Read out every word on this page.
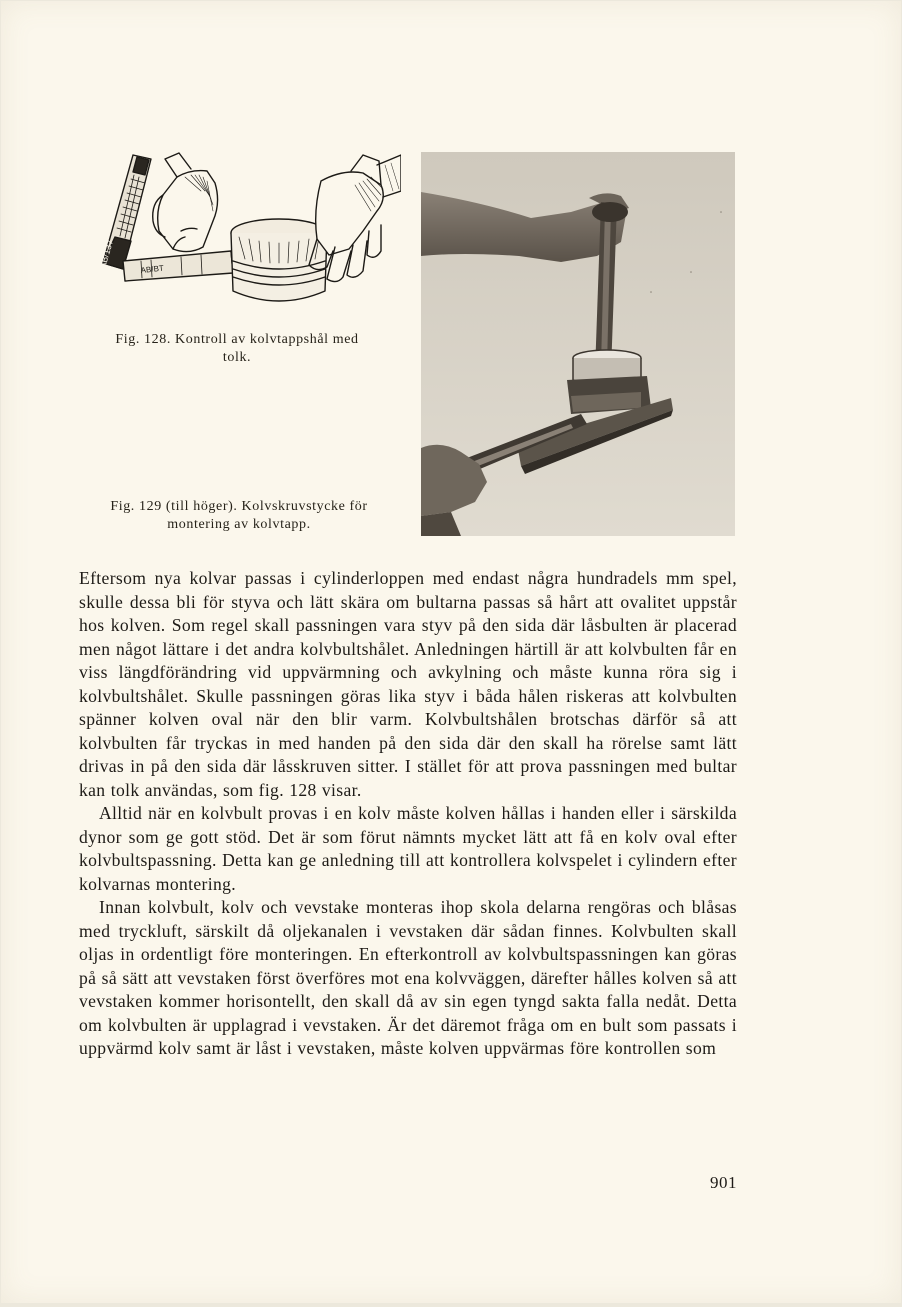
AB/137	AB/BT
Fig. 128. Kontroll av kolvtappshål med
tolk.
Fig. 129 (till höger). Kolvskruvstycke för
montering av kolvtapp.

Eftersom nya kolvar passas i cylinderloppen med endast några hundradels mm spel, skulle dessa bli för styva och lätt skära om bultarna passas så hårt att ovalitet uppstår hos kolven. Som regel skall passningen vara styv på den sida där låsbulten är placerad men något lättare i det andra kolvbultshålet. Anledningen härtill är att kolvbulten får en viss längdförändring vid uppvärmning och avkylning och måste kunna röra sig i kolvbultshålet. Skulle passningen göras lika styv i båda hålen riskeras att kolvbulten spänner kolven oval när den blir varm. Kolvbultshålen brotschas därför så att kolvbulten får tryckas in med handen på den sida där den skall ha rörelse samt lätt drivas in på den sida där låsskruven sitter. I stället för att prova passningen med bultar kan tolk användas, som fig. 128 visar.

Alltid när en kolvbult provas i en kolv måste kolven hållas i handen eller i särskilda dynor som ge gott stöd. Det är som förut nämnts mycket lätt att få en kolv oval efter kolvbultspassning. Detta kan ge anledning till att kontrollera kolvspelet i cylindern efter kolvarnas montering.

Innan kolvbult, kolv och vevstake monteras ihop skola delarna rengöras och blåsas med tryckluft, särskilt då oljekanalen i vevstaken där sådan finnes. Kolvbulten skall oljas in ordentligt före monteringen. En efterkontroll av kolvbultspassningen kan göras på så sätt att vevstaken först överföres mot ena kolvväggen, därefter hålles kolven så att vevstaken kommer horisontellt, den skall då av sin egen tyngd sakta falla nedåt. Detta om kolvbulten är upplagrad i vevstaken. Är det däremot fråga om en bult som passats i uppvärmd kolv samt är låst i vevstaken, måste kolven uppvärmas före kontrollen som

901
